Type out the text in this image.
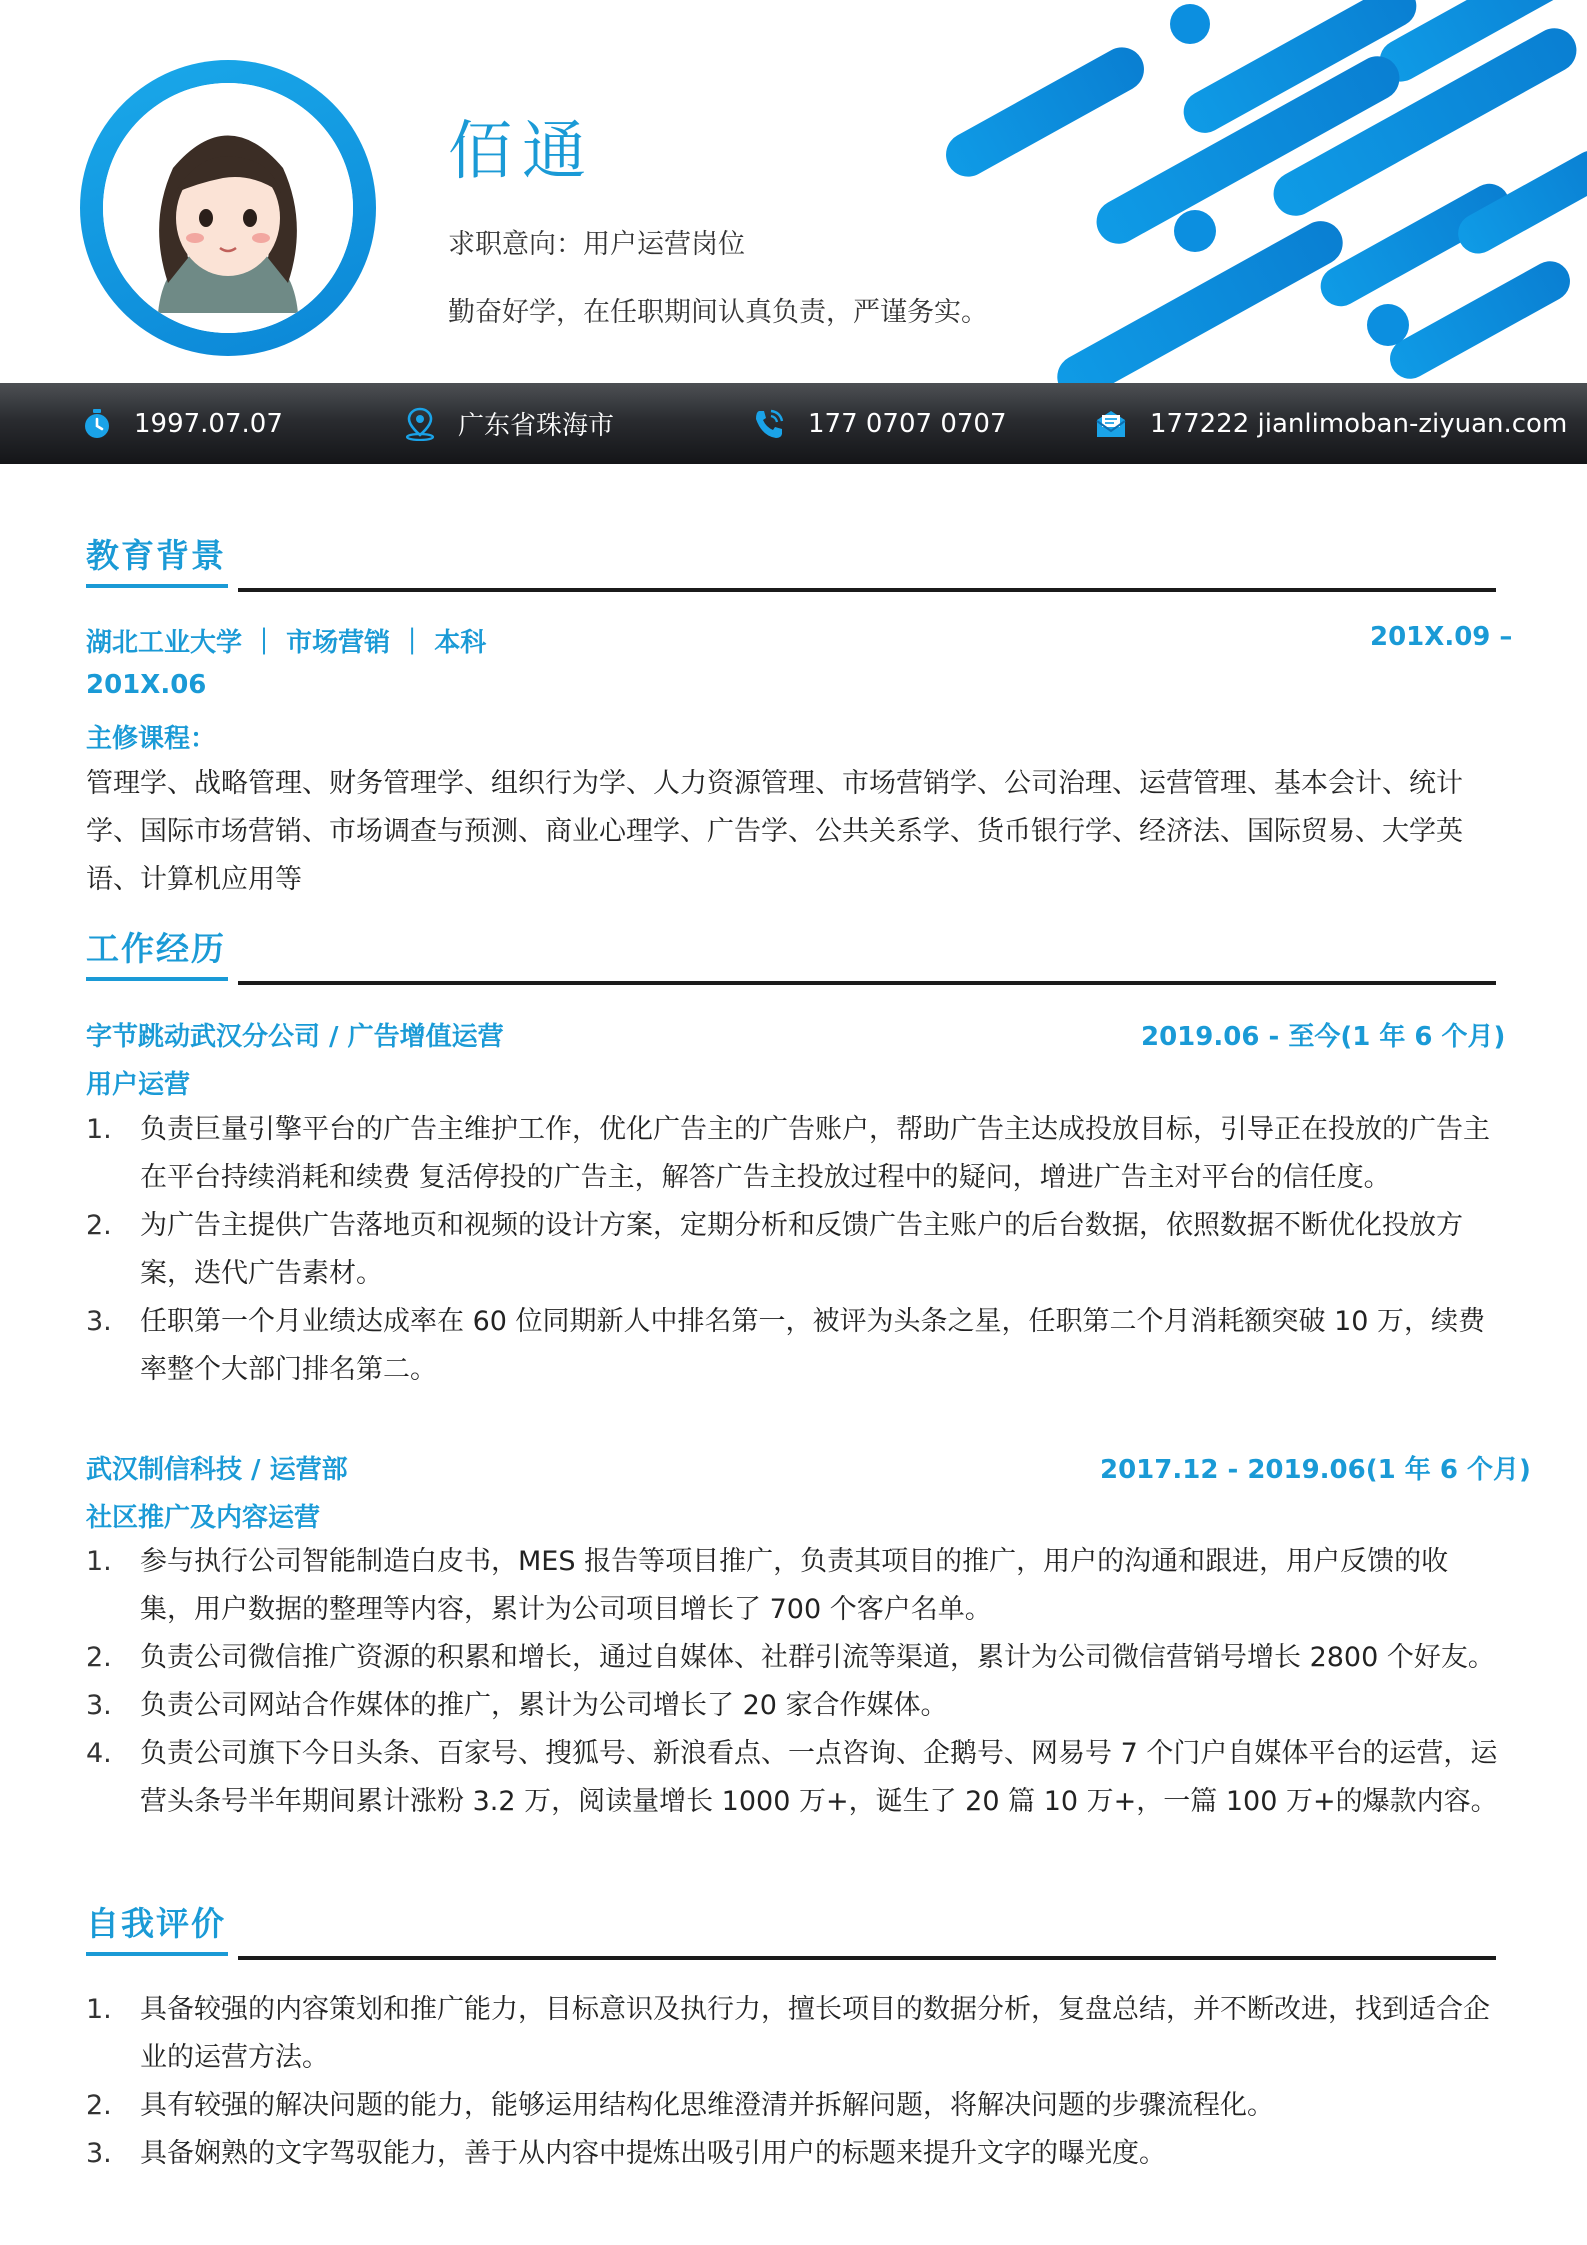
佰通
求职意向：用户运营岗位
勤奋好学，在任职期间认真负责，严谨务实。
1997.07.07	广东省珠海市	177 0707 0707	177222 jianlimoban-ziyuan.com
教育背景
湖北工业大学 ｜ 市场营销 ｜ 本科	201X.09 –
201X.06
主修课程：
管理学、战略管理、财务管理学、组织行为学、人力资源管理、市场营销学、公司治理、运营管理、基本会计、统计学、国际市场营销、市场调查与预测、商业心理学、广告学、公共关系学、货币银行学、经济法、国际贸易、大学英语、计算机应用等
工作经历
字节跳动武汉分公司 / 广告增值运营	2019.06 - 至今(1 年 6 个月)
用户运营
1. 负责巨量引擎平台的广告主维护工作，优化广告主的广告账户，帮助广告主达成投放目标，引导正在投放的广告主在平台持续消耗和续费 复活停投的广告主，解答广告主投放过程中的疑问，增进广告主对平台的信任度。
2. 为广告主提供广告落地页和视频的设计方案，定期分析和反馈广告主账户的后台数据，依照数据不断优化投放方案，迭代广告素材。
3. 任职第一个月业绩达成率在 60 位同期新人中排名第一，被评为头条之星，任职第二个月消耗额突破 10 万，续费率整个大部门排名第二。
武汉制信科技 / 运营部	2017.12 - 2019.06(1 年 6 个月)
社区推广及内容运营
1. 参与执行公司智能制造白皮书，MES 报告等项目推广，负责其项目的推广，用户的沟通和跟进，用户反馈的收集，用户数据的整理等内容，累计为公司项目增长了 700 个客户名单。
2. 负责公司微信推广资源的积累和增长，通过自媒体、社群引流等渠道，累计为公司微信营销号增长 2800 个好友。
3. 负责公司网站合作媒体的推广，累计为公司增长了 20 家合作媒体。
4. 负责公司旗下今日头条、百家号、搜狐号、新浪看点、一点咨询、企鹅号、网易号 7 个门户自媒体平台的运营，运营头条号半年期间累计涨粉 3.2 万，阅读量增长 1000 万+，诞生了 20 篇 10 万+，一篇 100 万+的爆款内容。
自我评价
1. 具备较强的内容策划和推广能力，目标意识及执行力，擅长项目的数据分析，复盘总结，并不断改进，找到适合企业的运营方法。
2. 具有较强的解决问题的能力，能够运用结构化思维澄清并拆解问题，将解决问题的步骤流程化。
3. 具备娴熟的文字驾驭能力，善于从内容中提炼出吸引用户的标题来提升文字的曝光度。
